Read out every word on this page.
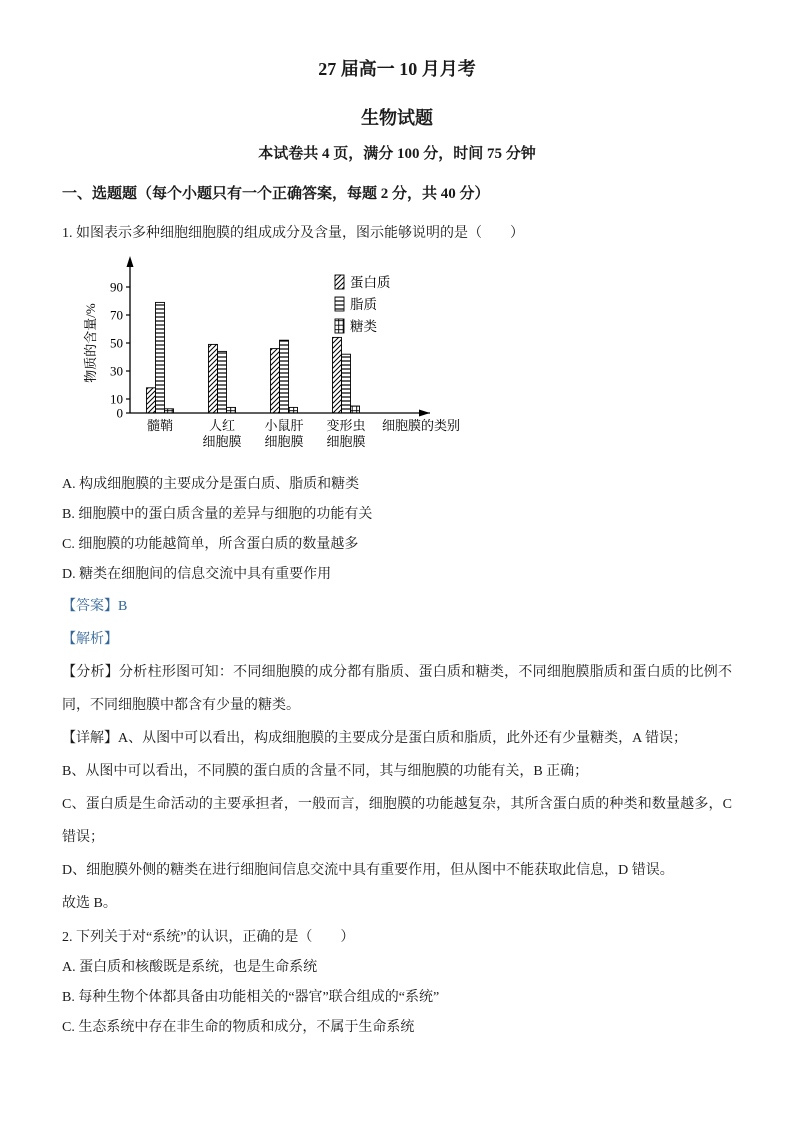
27 届高一 10 月月考
生物试题
本试卷共 4 页，满分 100 分，时间 75 分钟
一、选题题（每个小题只有一个正确答案，每题 2 分，共 40 分）

1. 如图表示多种细胞细胞膜的组成成分及含量，图示能够说明的是（　　）

0
10
30
50
70
90
物质的含量/%
髓鞘	人红
细胞膜
小鼠肝
细胞膜
变形虫
细胞膜
细胞膜的类别
蛋白质
脂质
糖类

A. 构成细胞膜的主要成分是蛋白质、脂质和糖类

B. 细胞膜中的蛋白质含量的差异与细胞的功能有关

C. 细胞膜的功能越简单，所含蛋白质的数量越多

D. 糖类在细胞间的信息交流中具有重要作用

【答案】B

【解析】

【分析】分析柱形图可知：不同细胞膜的成分都有脂质、蛋白质和糖类，不同细胞膜脂质和蛋白质的比例不同，不同细胞膜中都含有少量的糖类。

【详解】A、从图中可以看出，构成细胞膜的主要成分是蛋白质和脂质，此外还有少量糖类，A 错误；

B、从图中可以看出，不同膜的蛋白质的含量不同，其与细胞膜的功能有关，B 正确；

C、蛋白质是生命活动的主要承担者，一般而言，细胞膜的功能越复杂，其所含蛋白质的种类和数量越多，C 错误；

D、细胞膜外侧的糖类在进行细胞间信息交流中具有重要作用，但从图中不能获取此信息，D 错误。

故选 B。

2. 下列关于对“系统”的认识，正确的是（　　）

A. 蛋白质和核酸既是系统，也是生命系统

B. 每种生物个体都具备由功能相关的“器官”联合组成的“系统”

C. 生态系统中存在非生命的物质和成分，不属于生命系统
